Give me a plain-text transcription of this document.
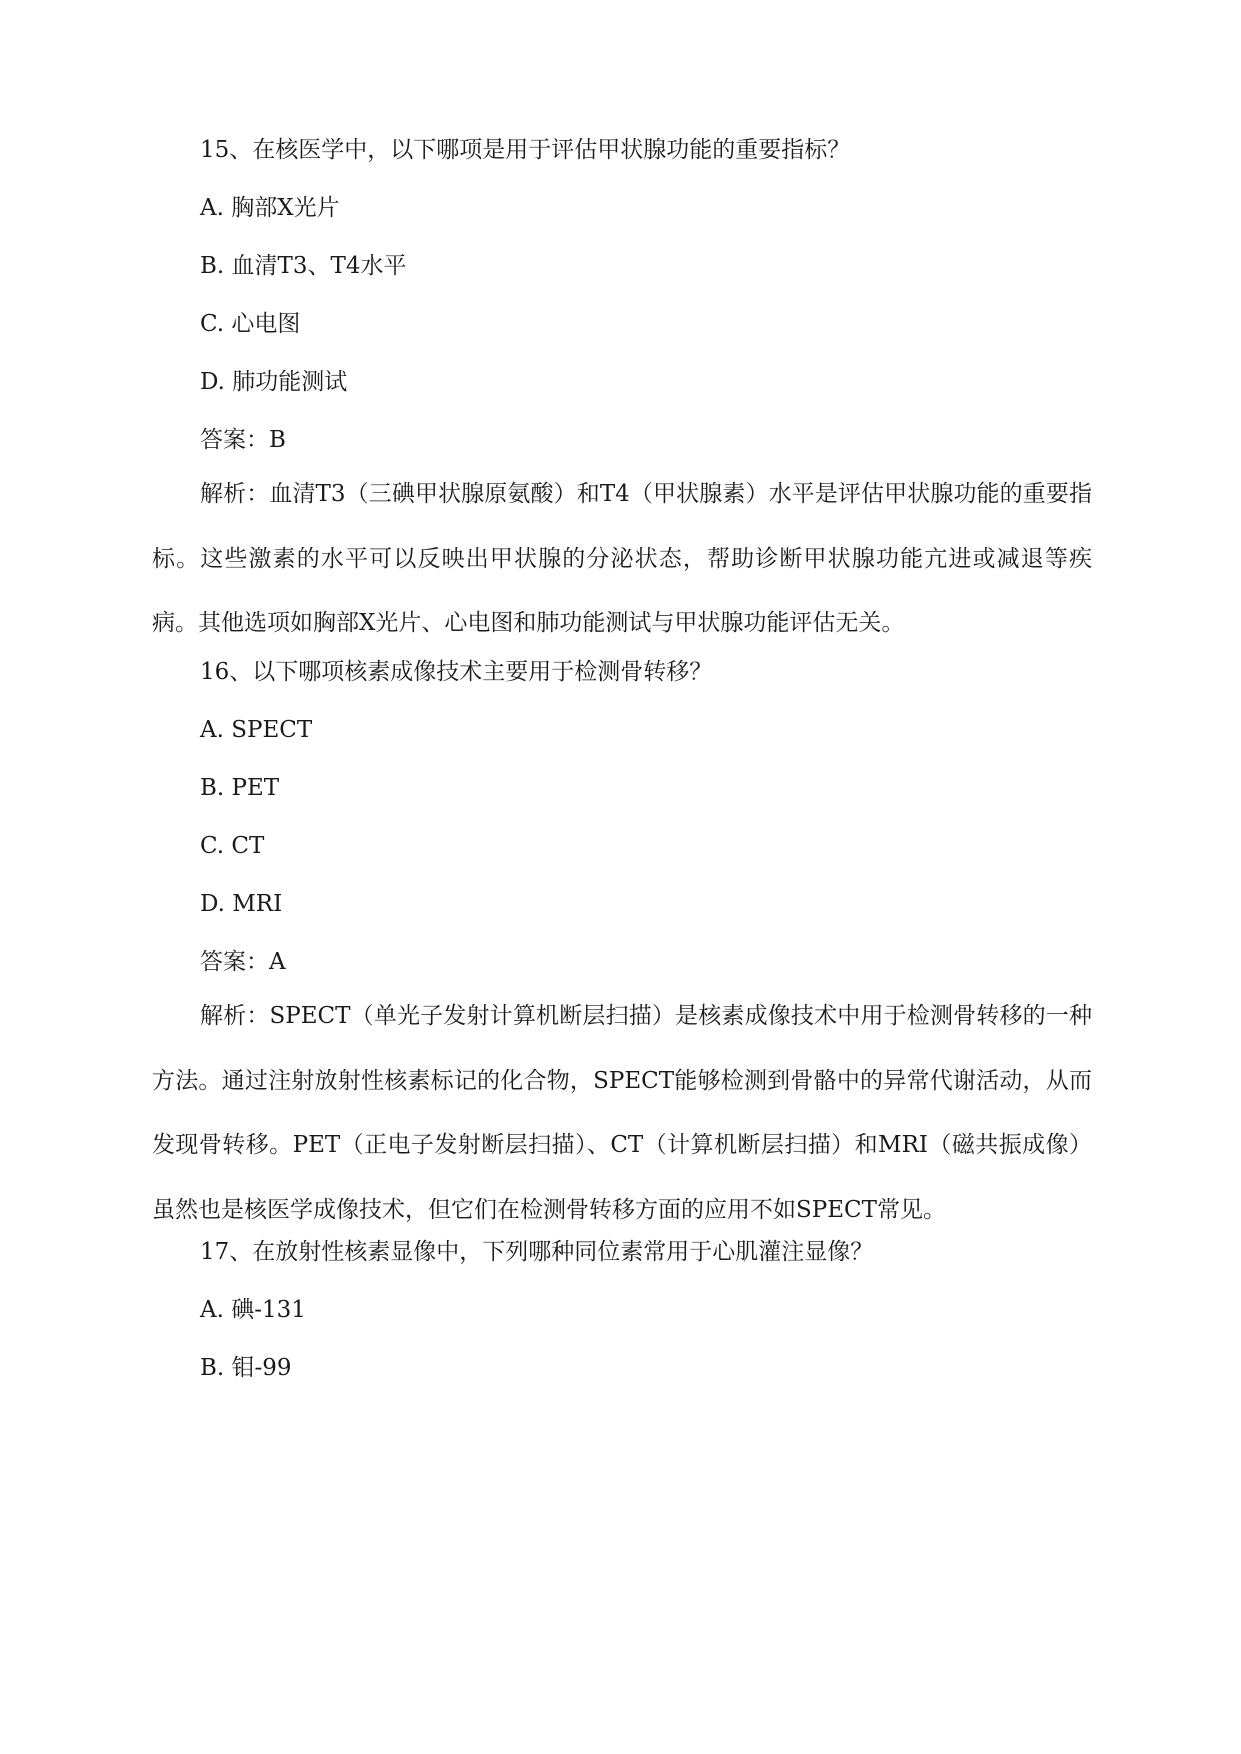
15、在核医学中，以下哪项是用于评估甲状腺功能的重要指标？
A. 胸部X光片
B. 血清T3、T4水平
C. 心电图
D. 肺功能测试
答案：B
解析：血清T3（三碘甲状腺原氨酸）和T4（甲状腺素）水平是评估甲状腺功能的重要指标。这些激素的水平可以反映出甲状腺的分泌状态，帮助诊断甲状腺功能亢进或减退等疾病。其他选项如胸部X光片、心电图和肺功能测试与甲状腺功能评估无关。
16、以下哪项核素成像技术主要用于检测骨转移？
A. SPECT
B. PET
C. CT
D. MRI
答案：A
解析：SPECT（单光子发射计算机断层扫描）是核素成像技术中用于检测骨转移的一种方法。通过注射放射性核素标记的化合物，SPECT能够检测到骨骼中的异常代谢活动，从而发现骨转移。PET（正电子发射断层扫描）、CT（计算机断层扫描）和MRI（磁共振成像）虽然也是核医学成像技术，但它们在检测骨转移方面的应用不如SPECT常见。
17、在放射性核素显像中，下列哪种同位素常用于心肌灌注显像？
A. 碘-131
B. 钼-99
